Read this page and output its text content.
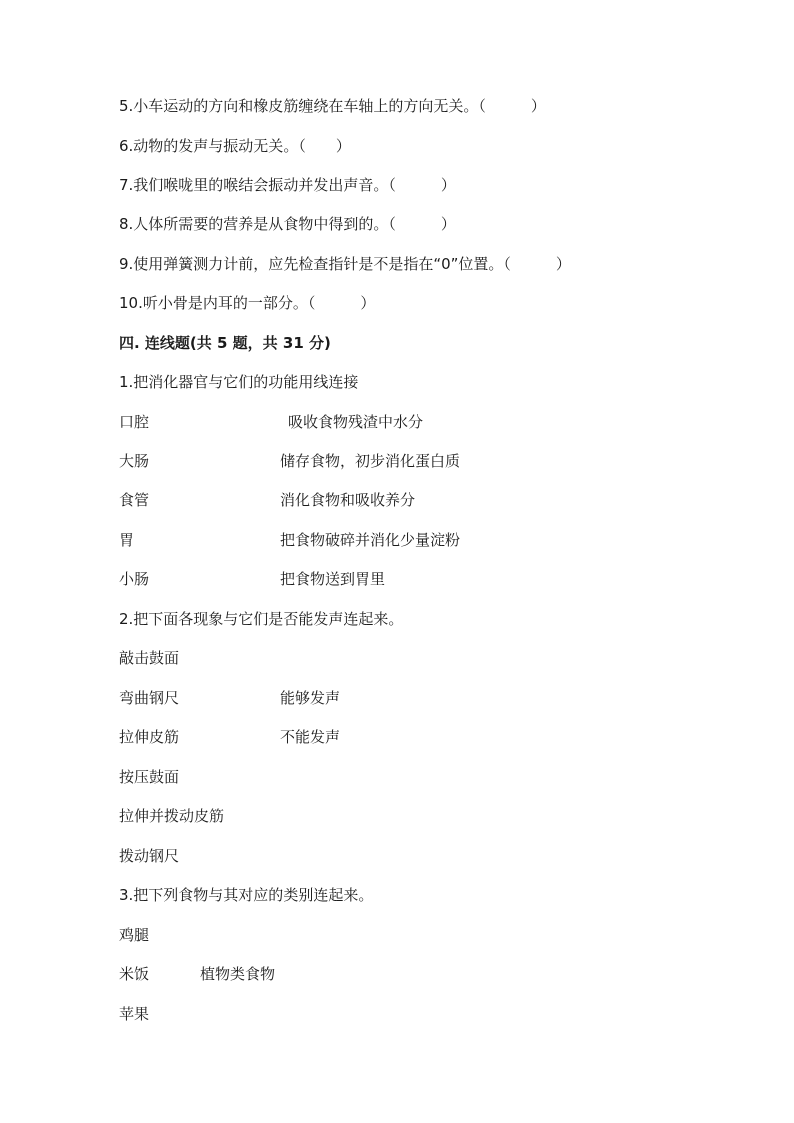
5.小车运动的方向和橡皮筋缠绕在车轴上的方向无关。（　　　）
6.动物的发声与振动无关。（　　）
7.我们喉咙里的喉结会振动并发出声音。（　　　）
8.人体所需要的营养是从食物中得到的。（　　　）
9.使用弹簧测力计前，应先检查指针是不是指在“0”位置。（　　　）
10.听小骨是内耳的一部分。（　　　）
四. 连线题(共 5 题，共 31 分)
1.把消化器官与它们的功能用线连接
口腔	吸收食物残渣中水分
大肠	储存食物，初步消化蛋白质
食管	消化食物和吸收养分
胃	把食物破碎并消化少量淀粉
小肠	把食物送到胃里
2.把下面各现象与它们是否能发声连起来。
敲击鼓面
弯曲钢尺	能够发声
拉伸皮筋	不能发声
按压鼓面
拉伸并拨动皮筋
拨动钢尺
3.把下列食物与其对应的类别连起来。
鸡腿
米饭	植物类食物
苹果
